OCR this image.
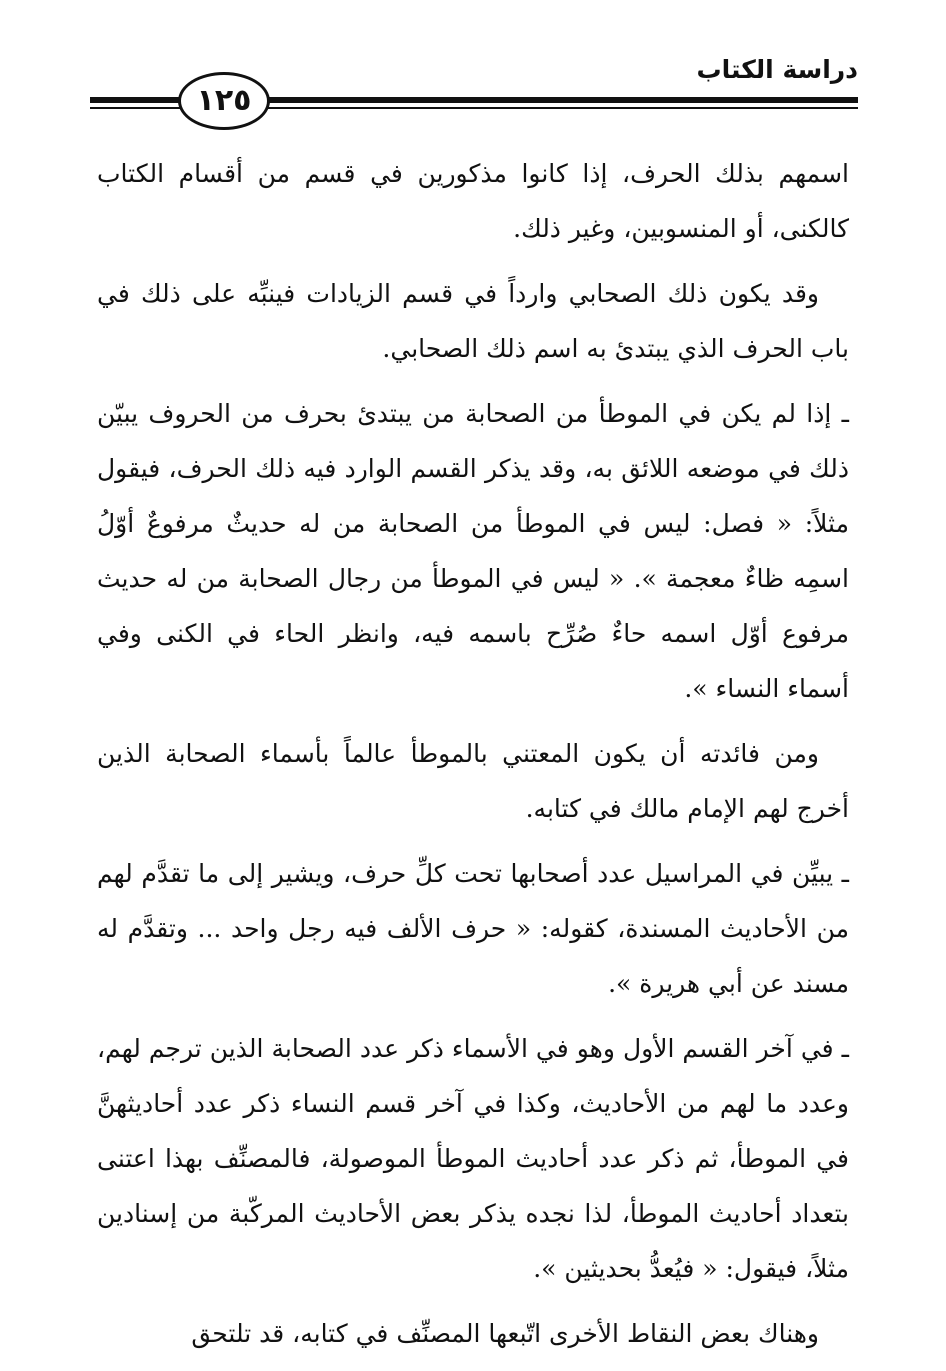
دراسة الكتاب
١٢٥

اسمهم بذلك الحرف، إذا كانوا مذكورين في قسم من أقسام الكتاب كالكنى، أو المنسوبين، وغير ذلك.

وقد يكون ذلك الصحابي وارداً في قسم الزيادات فينبِّه على ذلك في باب الحرف الذي يبتدئ به اسم ذلك الصحابي.

ـ إذا لم يكن في الموطأ من الصحابة من يبتدئ بحرف من الحروف يبيّن ذلك في موضعه اللائق به، وقد يذكر القسم الوارد فيه ذلك الحرف، فيقول مثلاً: « فصل: ليس في الموطأ من الصحابة من له حديثٌ مرفوعٌ أوّلُ اسمِه ظاءٌ معجمة ». « ليس في الموطأ من رجال الصحابة من له حديث مرفوع أوّل اسمه حاءٌ صُرِّح باسمه فيه، وانظر الحاء في الكنى وفي أسماء النساء ».

ومن فائدته أن يكون المعتني بالموطأ عالماً بأسماء الصحابة الذين أخرج لهم الإمام مالك في كتابه.

ـ يبيِّن في المراسيل عدد أصحابها تحت كلِّ حرف، ويشير إلى ما تقدَّم لهم من الأحاديث المسندة، كقوله: « حرف الألف فيه رجل واحد ... وتقدَّم له مسند عن أبي هريرة ».

ـ في آخر القسم الأول وهو في الأسماء ذكر عدد الصحابة الذين ترجم لهم، وعدد ما لهم من الأحاديث، وكذا في آخر قسم النساء ذكر عدد أحاديثهنَّ في الموطأ، ثم ذكر عدد أحاديث الموطأ الموصولة، فالمصنِّف بهذا اعتنى بتعداد أحاديث الموطأ، لذا نجده يذكر بعض الأحاديث المركّبة من إسنادين مثلاً، فيقول: « فيُعدُّ بحديثين ».

وهناك بعض النقاط الأخرى اتّبعها المصنِّف في كتابه، قد تلتحق
